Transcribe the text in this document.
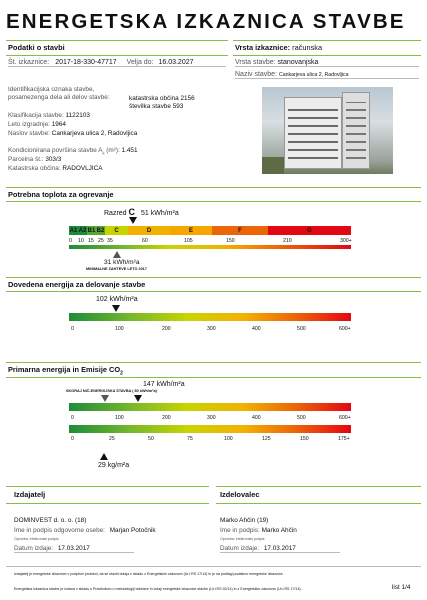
ENERGETSKA IZKAZNICA STAVBE
Podatki o stavbi
Št. izkaznice: 2017-18-330-47717 Velja do: 16.03.2027
Identifikacijska oznaka stavbe,
posamezenga dela ali delov stavbe:	katastrska občina 2156
številka stavbe 593
Klasifikacija stavbe: 1122103
Leto izgradnje: 1964
Naslov stavbe: Cankarjeva ulica 2, Radovljica
Kondicionirana površina stavbe $A_k$ (m²): 1.451
Parcelna št.: 303/3
Katastrska občina: RADOVLJICA
Vrsta izkaznice: računska
Vrsta stavbe: stanovanjska
Naziv stavbe: Cankarjeva ulica 2, Radovljica
Potrebna toplota za ogrevanje
Razred C 51 kWh/m²a
A1 A2 B1 B2	C	D	E	F	G
0 10 15 25 35	60	105	150	210	300+
31 kWh/m²a
MINIMALNE ZAHTEVE LETO 2017
Dovedena energija za delovanje stavbe
102 kWh/m²a
0	100	200	300	400	500	600+
Primarna energija in Emisije $CO_2$
147 kWh/m²a
SKORAJ NIČ-ENERGIJSKA STAVBA ( 80 kWh/m²a)
0	100	200	300	400	500	600+
0	25	50	75	100	125	150	175+
29 kg/m²a
Izdajatelj
DOMINVEST d. o. o. (18)
Ime in podpis odgovorne osebe: Marjan Potočnik
Opomba: elektronski podpis
Datum izdaje: 17.03.2017
Izdelovalec
Marko Ahčin (19)
Ime in podpis: Marko Ahčin
Opomba: elektronski podpis
Datum izdaje: 17.03.2017
Izdajatelj je energetske izkaznice v podpisni protokol, da se stavbi izdaja v skladu z Energetskim zakonom (Ur.l.RS 17/14) in je na podlagi podatkov energetske izkaznice.
Energetska izkaznica stavbe je izdana v skladu s Pravilnikom o metodologiji izdelave in izdaji energetske izkaznice stavbe (Ur.l.RS 92/14) in z Energetskim zakonom (Ur.l.RS 17/14).	list 1/4
